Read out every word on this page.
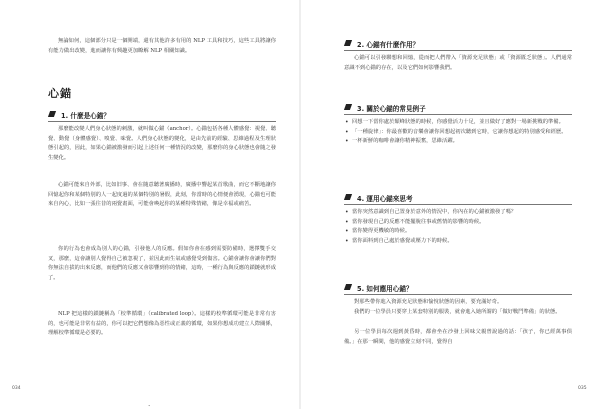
無論如何，這個部分只是一個開端，還有其他許多有用的 NLP 工具和技巧，這些工具將讓你有能力做出改變，進而讓你有興趣更加瞭解 NLP 相關知識。

心錨
1. 什麼是心錨？

那麼能改變人們身心狀態的刺激，就叫做心錨（anchor）。心錨包括各種人體感覺：視覺、聽覺、動覺（身體感覺）、嗅覺、味覺。人們身心狀態的變化，是由先前的經驗、思維過程及生理狀態引起的，因此，如果心錨被激發而引起上述任何一種情況的改變，那麼你的身心狀態也會隨之發生變化。

心錨可能來自外部，比如旧事、會在隨意聽著廣播時，廣播中響起某首歌曲，而它不斷地讓你回憶起你和某個特別的人一起度過的某個特別的暑假，此刻，你當時的心情便會湧現，心錨也可能來自內心，比如一張往昔的兩覺畫面，可能會喚起你的某種特殊情緒，像是幸福或痛苦。

你的行為也會成為別人的心錨，引發他人的反應。假如你會在感到需要防備時，選擇雙手交叉，那麼，這會讓別人覺得自己被忽視了，並因此而生氣或感覺受到傷害。心錨會讓你會讓你們對你無法自拔的出來反應，而他們的反應又會影響到你的情緒，這時，一種行為與反應的鎖鏈就形成了。

NLP 把這樣的鎖鏈稱為「校準循環」（calibrated loop）。這樣的校準循環可能是非常有害的，也可能是非常有益的，你可以把它們想像為惡性或正義的循環，如果你想成功建立人際關係，理解校準循環是必要的。

034
•
2. 心錨有什麼作用？

心錨可以引發聯想和回憶，從而把人們帶入「資源充足狀態」或「資源匱乏狀態」。人們通常意識不到心錨的存在，以及它們如何影響我們。

3. 關於心錨的常見例子
• 回想一下當你處於顛峰狀態的時候，你感覺活力十足，並且做好了應對一場新挑戰的準備。
• 「一種旋律」：你最喜歡的音樂會讓你回想起初次聽到它時，它讓你想起的特別感受和經歷。
• 一杯新鮮的咖啡會讓你精神振奮，思維活躍。
4. 運用心錨來思考
• 當你突然意識到自己置身於意外的情況中，你內在的心錨被激發了嗎？
• 當你發現自己的反應不能擺脫往事或舊情的影響的時候。
• 當你變得更機敏的時候。
• 當你面料到自己處於感覺或壓力下的時候。
5. 如何應用心錨？

對那些帶你進入資源充足狀態和愉悅狀態的因素，要充滿好奇。

我們的一位學員只要穿上某套特別的服裝，就會進入她所謂的「做好戰鬥準備」的狀態。

另一位學員每次週到黃昏時，都會坐在沙發上回味父親曾說過的話：「孩子，你已經萬事俱備。」在那一瞬間，他的感覺立刻不同，覺得自

035
